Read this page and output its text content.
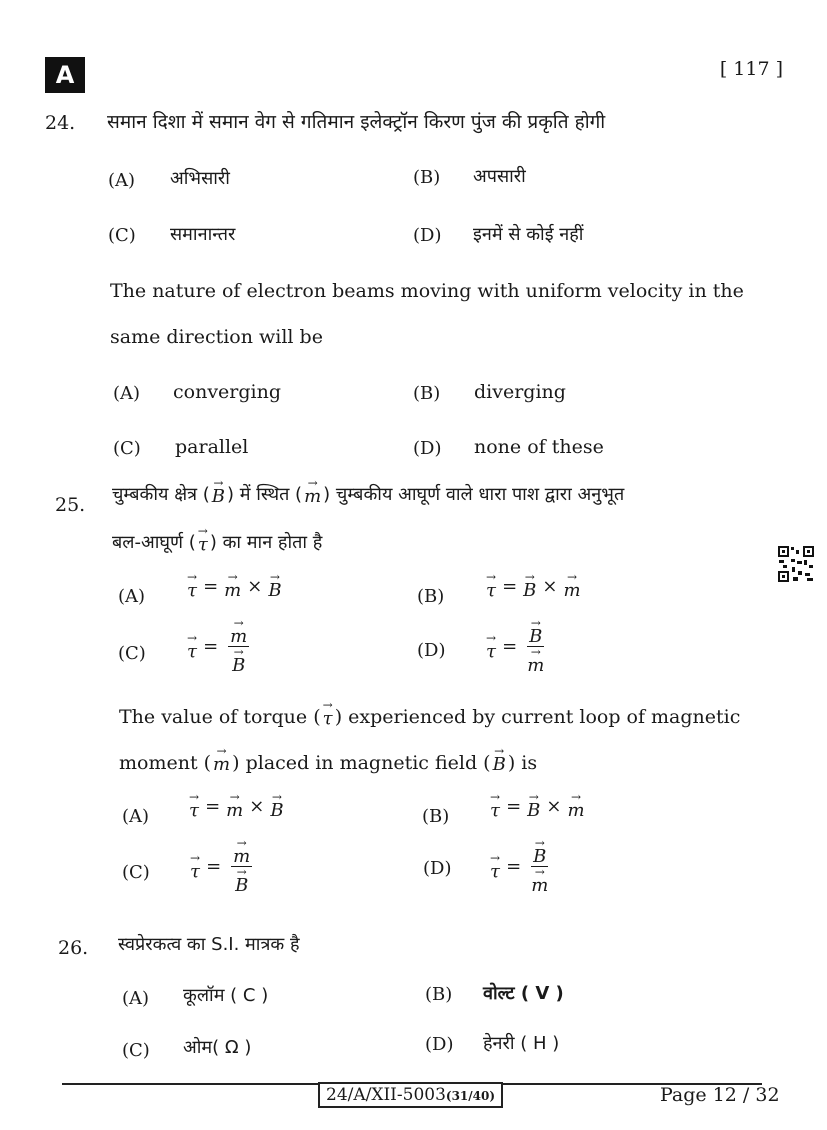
A	[ 117 ]
24. समान दिशा में समान वेग से गतिमान इलेक्ट्रॉन किरण पुंज की प्रकृति होगी
(A) अभिसारी	(B) अपसारी
(C) समानान्तर	(D) इनमें से कोई नहीं
The nature of electron beams moving with uniform velocity in the
same direction will be
(A) converging	(B) diverging
(C) parallel	(D) none of these
25. चुम्बकीय क्षेत्र (
→
B ) में स्थित (
→
m ) चुम्बकीय आघूर्ण वाले धारा पाश द्वारा अनुभूत
बल-आघूर्ण (
→
τ ) का मान होता है
(A)
→
τ = →
m × →
B	(B)
→
τ = →
B × →
m
(C)
→
τ = →
m
→
B	(D)
→
τ = →
B
→
m
The value of torque (
→
τ ) experienced by current loop of magnetic
moment (
→
m ) placed in magnetic field (
→
B ) is
(A)
→
τ = →
m × →
B	(B)
→
τ = →
B × →
m
(C)
→
τ = →
m
→
B	(D)
→
τ = →
B
→
m
26. स्वप्रेरकत्व का S.I. मात्रक है
(A) कूलॉम ( C )	(B) वोल्ट ( V )
(C) ओम( Ω )	(D) हेनरी ( H )
24/A/XII-5003(31/40)	Page 12 / 32
